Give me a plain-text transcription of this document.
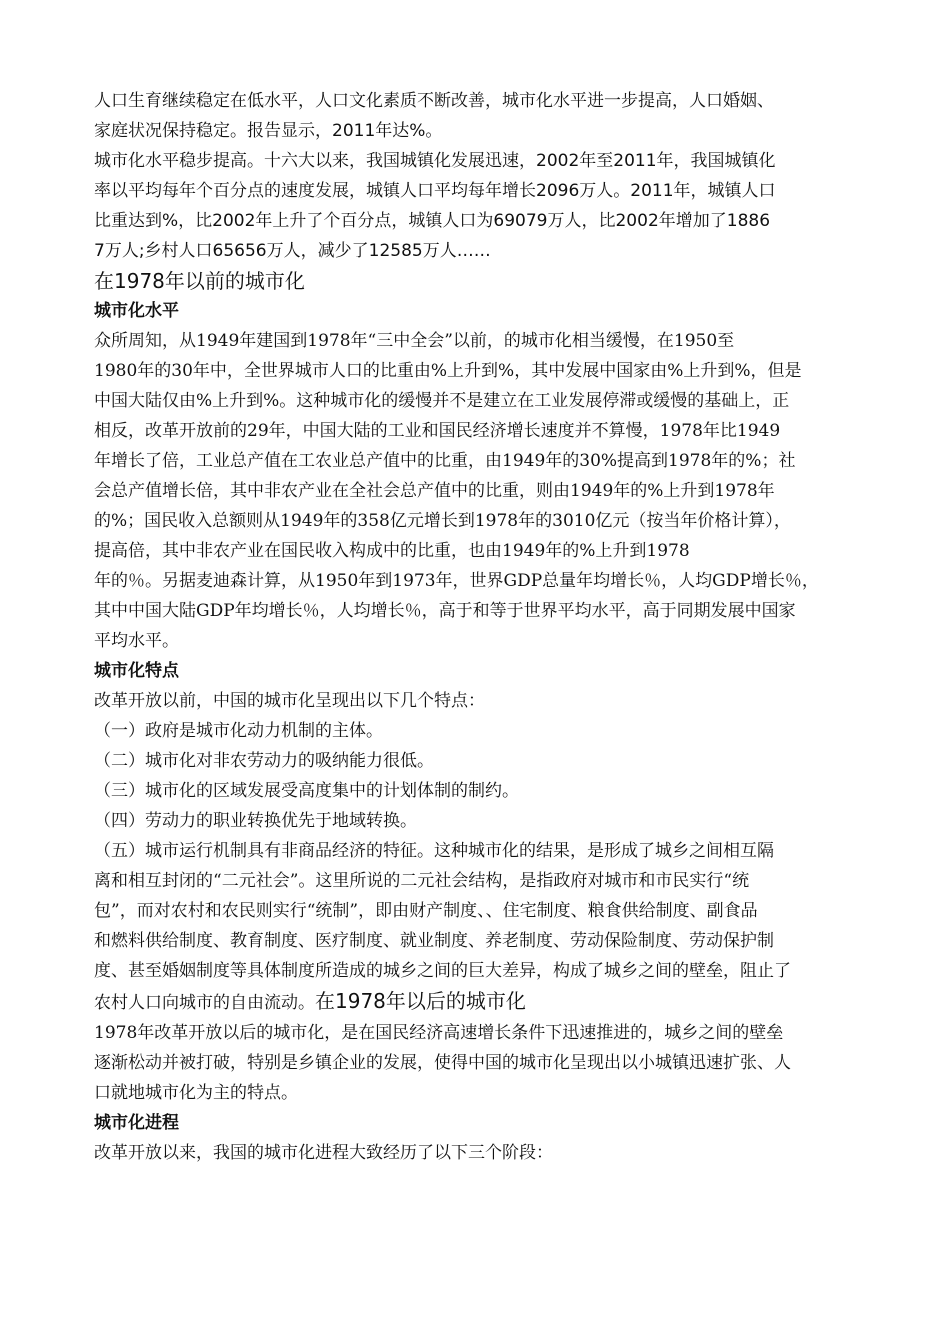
人口生育继续稳定在低水平，人口文化素质不断改善，城市化水平进一步提高，人口婚姻、

家庭状况保持稳定。报告显示，2011年达%。

城市化水平稳步提高。十六大以来，我国城镇化发展迅速，2002年至2011年，我国城镇化

率以平均每年个百分点的速度发展，城镇人口平均每年增长2096万人。2011年，城镇人口

比重达到%，比2002年上升了个百分点，城镇人口为69079万人，比2002年增加了1886

7万人;乡村人口65656万人，减少了12585万人……

在1978年以前的城市化
城市化水平

众所周知，从1949年建国到1978年“三中全会”以前，的城市化相当缓慢，在1950至

1980年的30年中，全世界城市人口的比重由%上升到%，其中发展中国家由%上升到%，但是

中国大陆仅由%上升到%。这种城市化的缓慢并不是建立在工业发展停滞或缓慢的基础上，正

相反，改革开放前的29年，中国大陆的工业和国民经济增长速度并不算慢，1978年比1949

年增长了倍，工业总产值在工农业总产值中的比重，由1949年的30%提高到1978年的%；社

会总产值增长倍，其中非农产业在全社会总产值中的比重，则由1949年的%上升到1978年

的%；国民收入总额则从1949年的358亿元增长到1978年的3010亿元（按当年价格计算），

提高倍，其中非农产业在国民收入构成中的比重，也由1949年的%上升到1978

年的％。另据麦迪森计算，从1950年到1973年，世界GDP总量年均增长％，人均GDP增长％，

其中中国大陆GDP年均增长％，人均增长％，高于和等于世界平均水平，高于同期发展中国家

平均水平。

城市化特点

改革开放以前，中国的城市化呈现出以下几个特点：

（一）政府是城市化动力机制的主体。

（二）城市化对非农劳动力的吸纳能力很低。

（三）城市化的区域发展受高度集中的计划体制的制约。

（四）劳动力的职业转换优先于地域转换。

（五）城市运行机制具有非商品经济的特征。这种城市化的结果，是形成了城乡之间相互隔

离和相互封闭的“二元社会”。这里所说的二元社会结构，是指政府对城市和市民实行“统

包”，而对农村和农民则实行“统制”，即由财产制度、、住宅制度、粮食供给制度、副食品

和燃料供给制度、教育制度、医疗制度、就业制度、养老制度、劳动保险制度、劳动保护制

度、甚至婚姻制度等具体制度所造成的城乡之间的巨大差异，构成了城乡之间的壁垒，阻止了

农村人口向城市的自由流动。在1978年以后的城市化

1978年改革开放以后的城市化，是在国民经济高速增长条件下迅速推进的，城乡之间的壁垒

逐渐松动并被打破，特别是乡镇企业的发展，使得中国的城市化呈现出以小城镇迅速扩张、人

口就地城市化为主的特点。

城市化进程

改革开放以来，我国的城市化进程大致经历了以下三个阶段：
